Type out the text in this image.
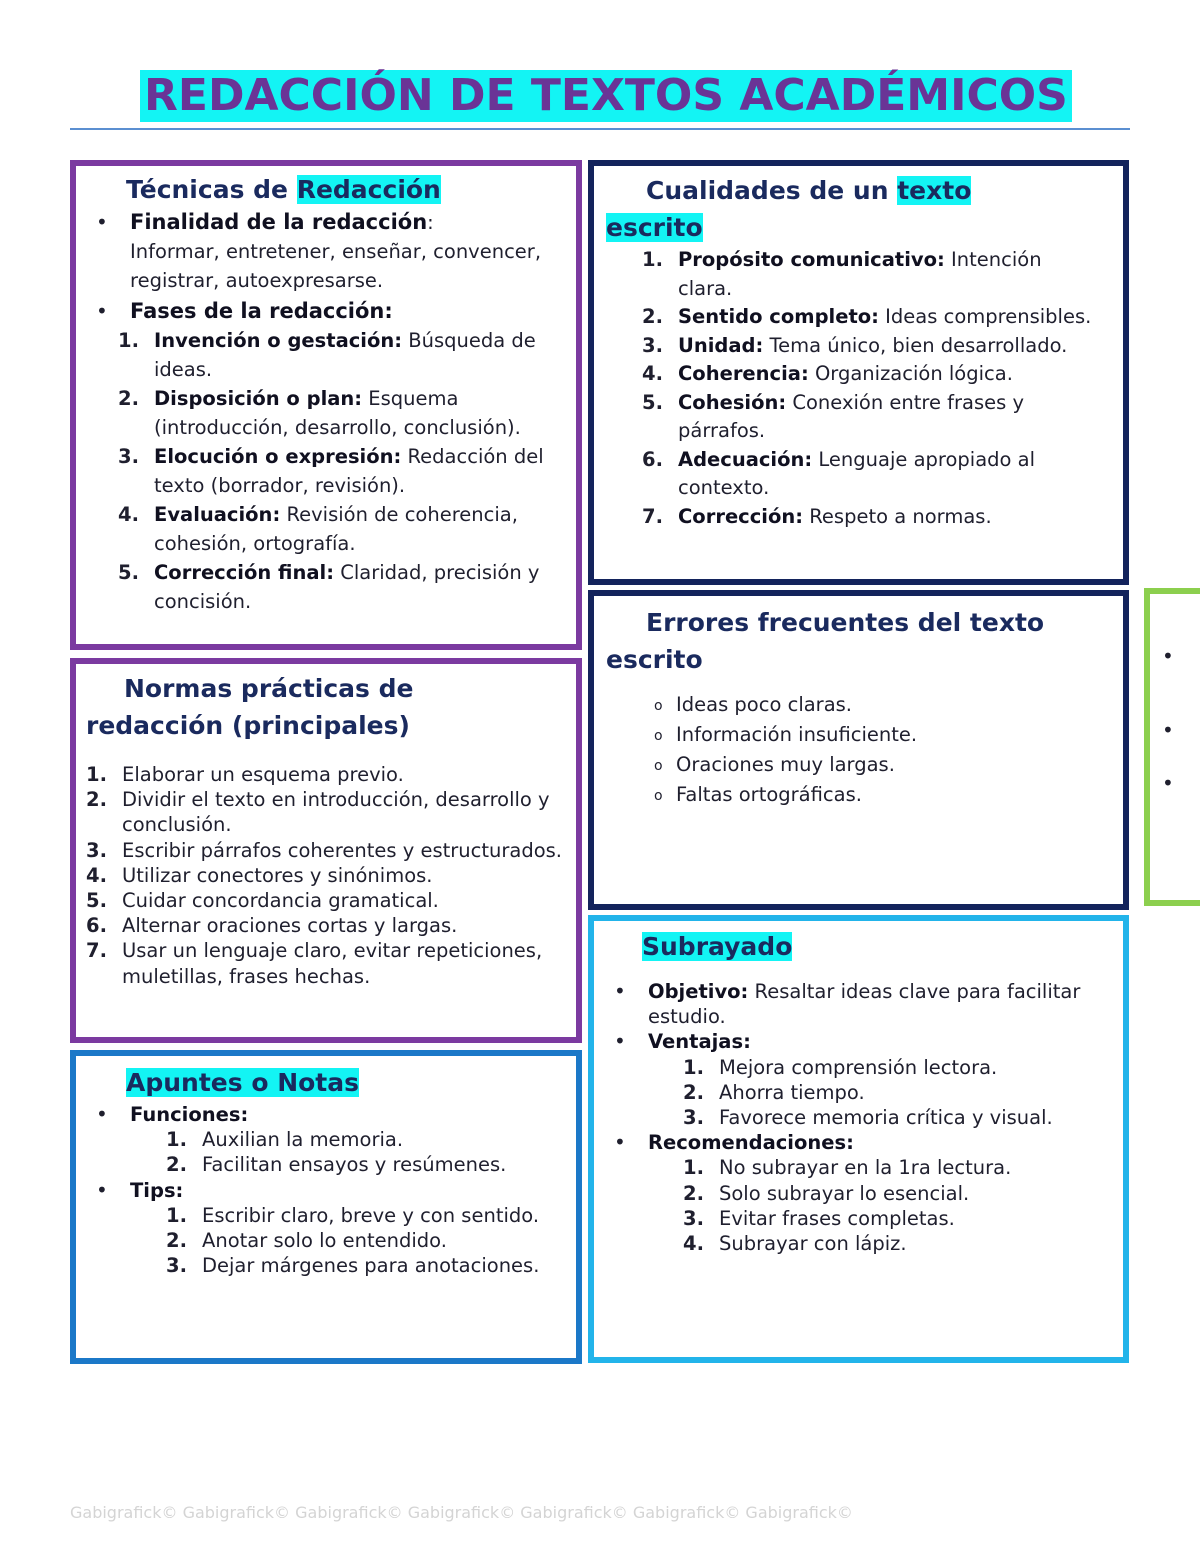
REDACCIÓN DE TEXTOS ACADÉMICOS
Técnicas de Redacción
• Finalidad de la redacción:
Informar, entretener, enseñar, convencer, registrar, autoexpresarse.
• Fases de la redacción:
1. Invención o gestación: Búsqueda de ideas.
2. Disposición o plan: Esquema (introducción, desarrollo, conclusión).
3. Elocución o expresión: Redacción del texto (borrador, revisión).
4. Evaluación: Revisión de coherencia, cohesión, ortografía.
5. Corrección final: Claridad, precisión y concisión.
Cualidades de un texto
escrito
1. Propósito comunicativo: Intención clara.
2. Sentido completo: Ideas comprensibles.
3. Unidad: Tema único, bien desarrollado.
4. Coherencia: Organización lógica.
5. Cohesión: Conexión entre frases y párrafos.
6. Adecuación: Lenguaje apropiado al contexto.
7. Corrección: Respeto a normas.
Errores frecuentes del texto
escrito
o Ideas poco claras.
o Información insuficiente.
o Oraciones muy largas.
o Faltas ortográficas.
•
•
•
Normas prácticas de
redacción (principales)
1. Elaborar un esquema previo.
2. Dividir el texto en introducción, desarrollo y conclusión.
3. Escribir párrafos coherentes y estructurados.
4. Utilizar conectores y sinónimos.
5. Cuidar concordancia gramatical.
6. Alternar oraciones cortas y largas.
7. Usar un lenguaje claro, evitar repeticiones, muletillas, frases hechas.
Subrayado
• Objetivo: Resaltar ideas clave para facilitar estudio.
• Ventajas:
1. Mejora comprensión lectora.
2. Ahorra tiempo.
3. Favorece memoria crítica y visual.
• Recomendaciones:
1. No subrayar en la 1ra lectura.
2. Solo subrayar lo esencial.
3. Evitar frases completas.
4. Subrayar con lápiz.
Apuntes o Notas
• Funciones:
1. Auxilian la memoria.
2. Facilitan ensayos y resúmenes.
• Tips:
1. Escribir claro, breve y con sentido.
2. Anotar solo lo entendido.
3. Dejar márgenes para anotaciones.
Gabigrafick© Gabigrafick© Gabigrafick© Gabigrafick© Gabigrafick© Gabigrafick© Gabigrafick©
